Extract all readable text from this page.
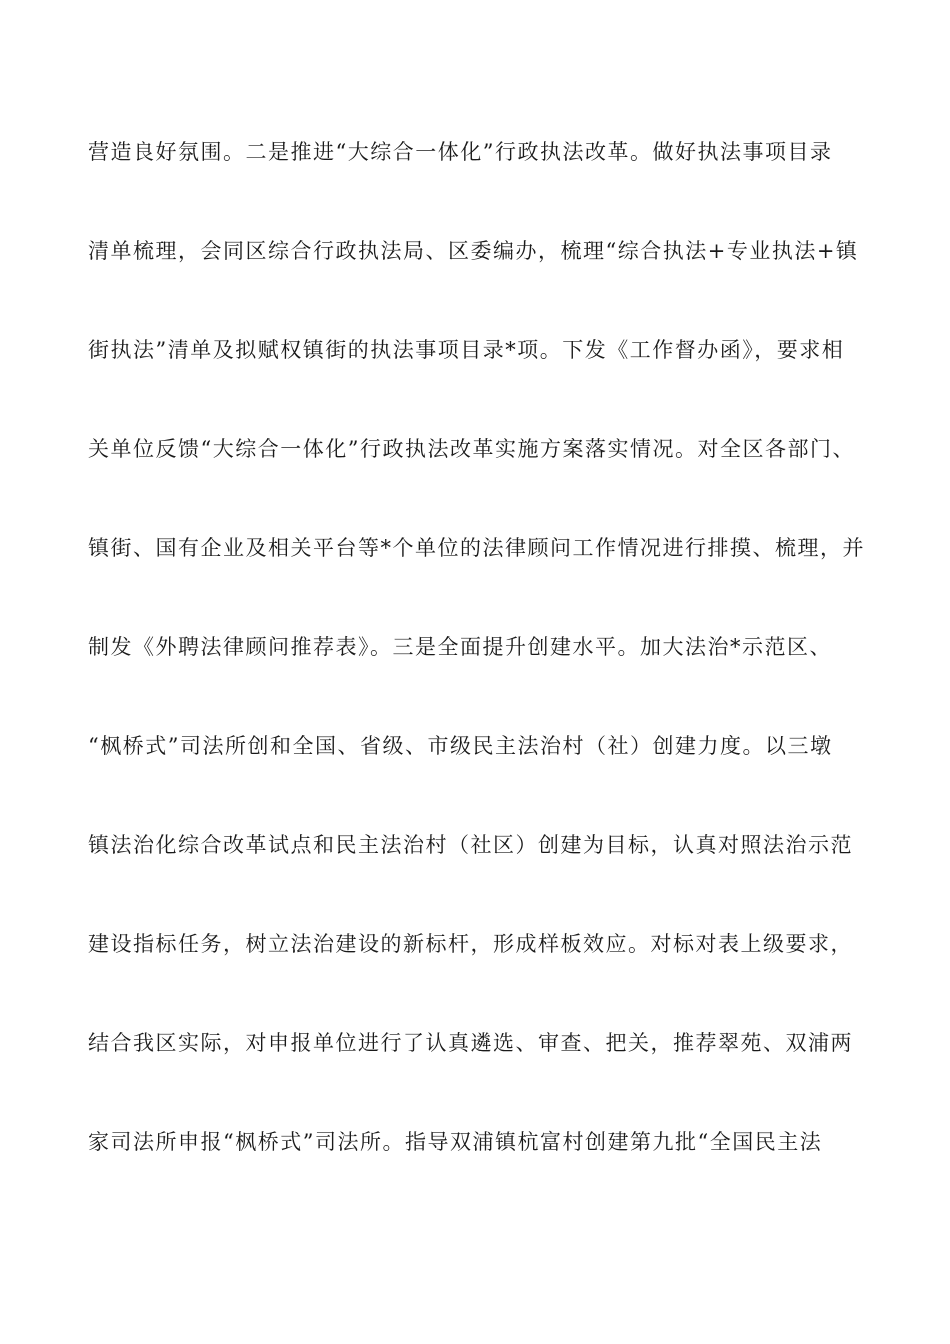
营造良好氛围。二是推进“大综合一体化”行政执法改革。做好执法事项目录

清单梳理，会同区综合行政执法局、区委编办，梳理“综合执法+专业执法+镇

街执法”清单及拟赋权镇街的执法事项目录*项。下发《工作督办函》，要求相

关单位反馈“大综合一体化”行政执法改革实施方案落实情况。对全区各部门、

镇街、国有企业及相关平台等*个单位的法律顾问工作情况进行排摸、梳理，并

制发《外聘法律顾问推荐表》。三是全面提升创建水平。加大法治*示范区、

“枫桥式”司法所创和全国、省级、市级民主法治村（社）创建力度。以三墩

镇法治化综合改革试点和民主法治村（社区）创建为目标，认真对照法治示范

建设指标任务，树立法治建设的新标杆，形成样板效应。对标对表上级要求，

结合我区实际，对申报单位进行了认真遴选、审查、把关，推荐翠苑、双浦两

家司法所申报“枫桥式”司法所。指导双浦镇杭富村创建第九批“全国民主法
